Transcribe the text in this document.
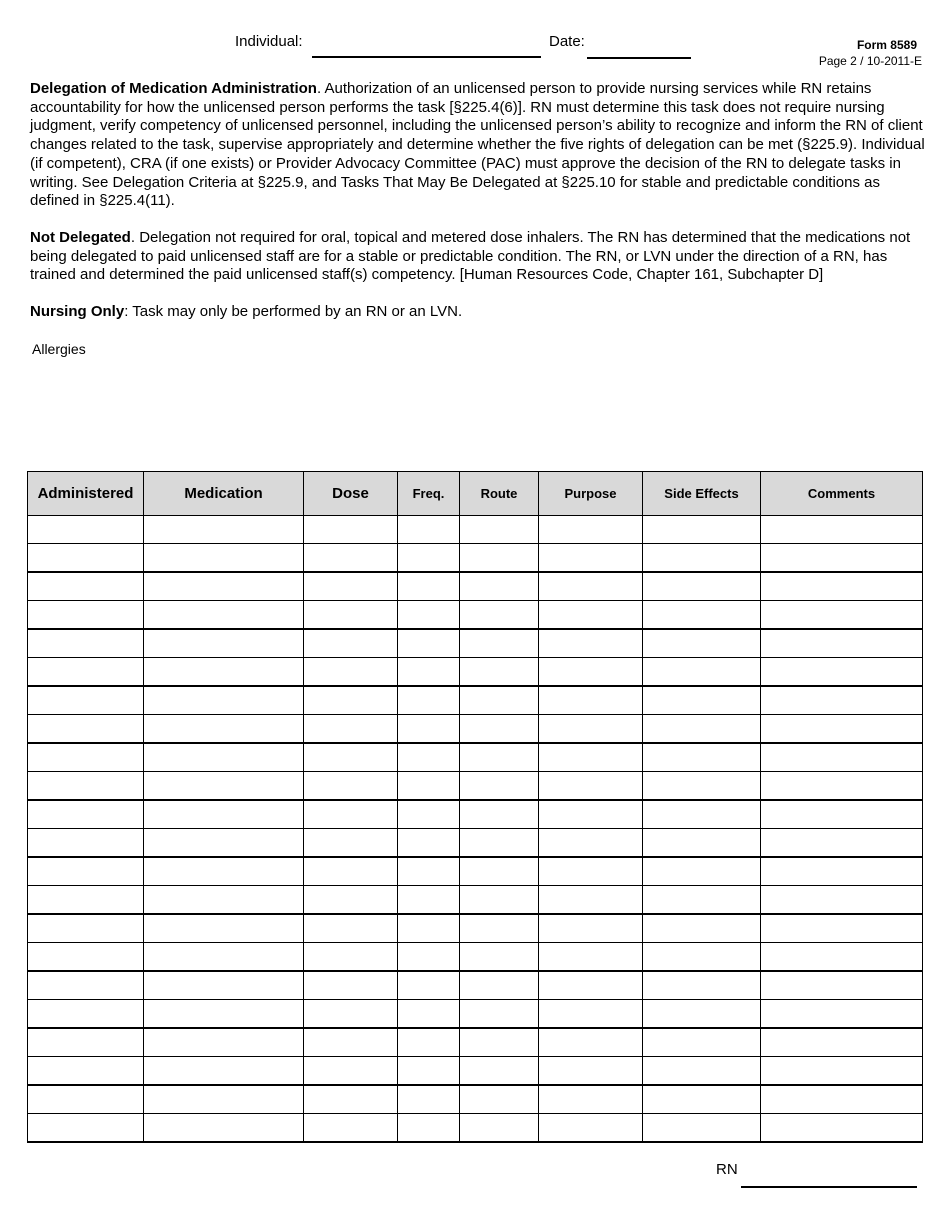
Individual:	Date:	Form 8589
Page 2 / 10-2011-E
Delegation of Medication Administration. Authorization of an unlicensed person to provide nursing services while RN retains accountability for how the unlicensed person performs the task [§225.4(6)]. RN must determine this task does not require nursing judgment, verify competency of unlicensed personnel, including the unlicensed person’s ability to recognize and inform the RN of client changes related to the task, supervise appropriately and determine whether the five rights of delegation can be met (§225.9). Individual (if competent), CRA (if one exists) or Provider Advocacy Committee (PAC) must approve the decision of the RN to delegate tasks in writing. See Delegation Criteria at §225.9, and Tasks That May Be Delegated at §225.10 for stable and predictable conditions as defined in §225.4(11).
Not Delegated. Delegation not required for oral, topical and metered dose inhalers. The RN has determined that the medications not being delegated to paid unlicensed staff are for a stable or predictable condition. The RN, or LVN under the direction of a RN, has trained and determined the paid unlicensed staff(s) competency. [Human Resources Code, Chapter 161, Subchapter D]
Nursing Only: Task may only be performed by an RN or an LVN.
Allergies
Administered	Medication	Dose	Freq.	Route	Purpose	Side Effects	Comments

RN
